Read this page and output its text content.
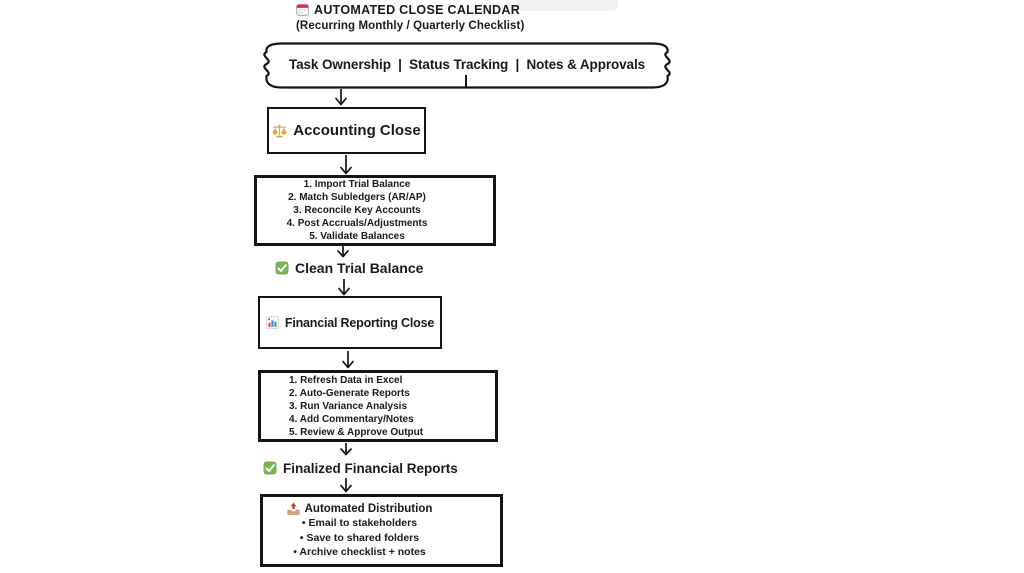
AUTOMATED CLOSE CALENDAR
(Recurring Monthly / Quarterly Checklist)
Task Ownership  |  Status Tracking  |  Notes & Approvals
Accounting Close
1. Import Trial Balance
2. Match Subledgers (AR/AP)
3. Reconcile Key Accounts
4. Post Accruals/Adjustments
5. Validate Balances
Clean Trial Balance
Financial Reporting Close
1. Refresh Data in Excel
2. Auto-Generate Reports
3. Run Variance Analysis
4. Add Commentary/Notes
5. Review & Approve Output
Finalized Financial Reports
Automated Distribution
• Email to stakeholders
• Save to shared folders
• Archive checklist + notes
